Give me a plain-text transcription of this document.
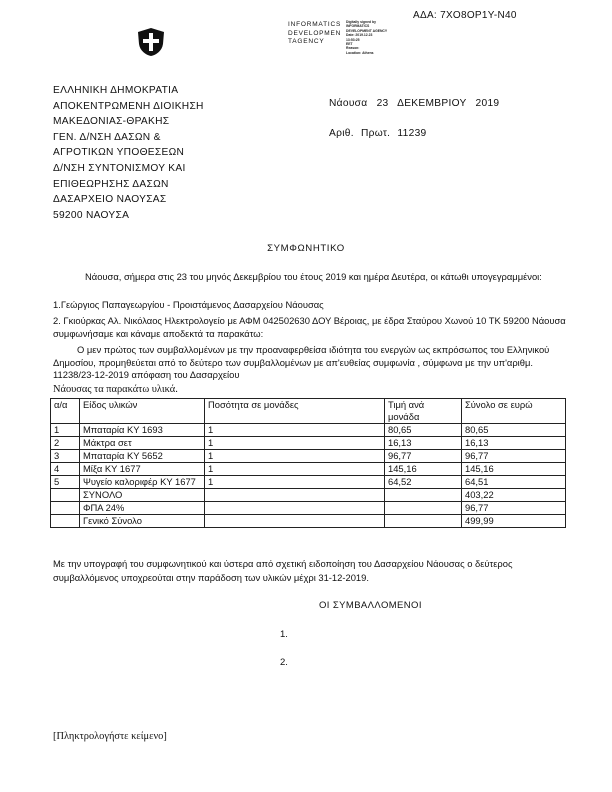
ΑΔΑ: 7ΧΟ8ΟΡ1Υ-Ν40
INFORMATICS
DEVELOPMEN
TAGENCY
Digitally signed by
INFORMATICS
DEVELOPMENT AGENCY
Date: 2019.12.23
13:53:25
EET
Reason:
Location: Athens
ΕΛΛΗΝΙΚΗ ΔΗΜΟΚΡΑΤΙΑ
ΑΠΟΚΕΝΤΡΩΜΕΝΗ ΔΙΟΙΚΗΣΗ
ΜΑΚΕΔΟΝΙΑΣ-ΘΡΑΚΗΣ
ΓΕΝ. Δ/ΝΣΗ ΔΑΣΩΝ &
ΑΓΡΟΤΙΚΩΝ ΥΠΟΘΕΣΕΩΝ
Δ/ΝΣΗ ΣΥΝΤΟΝΙΣΜΟΥ ΚΑΙ
ΕΠΙΘΕΩΡΗΣΗΣ ΔΑΣΩΝ
ΔΑΣΑΡΧΕΙΟ ΝΑΟΥΣΑΣ
59200 ΝΑΟΥΣΑ
Νάουσα 23 ΔΕΚΕΜΒΡΙΟΥ 2019
Αριθ. Πρωτ. 11239
ΣΥΜΦΩΝΗΤΙΚΟ
Νάουσα, σήμερα στις 23 του μηνός Δεκεμβρίου του έτους 2019 και ημέρα Δευτέρα, οι κάτωθι υπογεγραμμένοι:
1.Γεώργιος Παπαγεωργίου - Προιστάμενος Δασαρχείου Νάουσας
2. Γκιούρκας Αλ. Νικόλαος Ηλεκτρολογείο με ΑΦΜ 042502630 ΔΟΥ Βέροιας, με έδρα Σταύρου Χωνού 10 ΤΚ 59200 Νάουσα συμφωνήσαμε και κάναμε αποδεκτά τα παρακάτω:
Ο μεν πρώτος των συμβαλλομένων με την προαναφερθείσα ιδιότητα του ενεργών ως εκπρόσωπος του Ελληνικού Δημοσίου, προμηθεύεται από το δεύτερο των συμβαλλομένων με απ'ευθείας συμφωνία , σύμφωνα με την υπ'αριθμ. 11238/23-12-2019 απόφαση του Δασαρχείου
Νάουσας τα παρακάτω υλικά.
α/α	Είδος υλικών	Ποσότητα σε μονάδες	Τιμή ανά μονάδα	Σύνολο σε ευρώ
1	Μπαταρία ΚΥ 1693	1	80,65	80,65
2	Μάκτρα σετ	1	16,13	16,13
3	Μπαταρία ΚΥ 5652	1	96,77	96,77
4	Μίξα ΚΥ 1677	1	145,16	145,16
5	Ψυγείο καλοριφέρ ΚΥ 1677	1	64,52	64,51
	ΣΥΝΟΛΟ			403,22
	ΦΠΑ 24%			96,77
	Γενικό Σύνολο			499,99
Με την υπογραφή του συμφωνητικού και ύστερα από σχετική ειδοποίηση του Δασαρχείου Νάουσας ο δεύτερος συμβαλλόμενος υποχρεούται στην παράδοση των υλικών μέχρι 31-12-2019.
ΟΙ ΣΥΜΒΑΛΛΟΜΕΝΟΙ
1.
2.
[Πληκτρολογήστε κείμενο]
